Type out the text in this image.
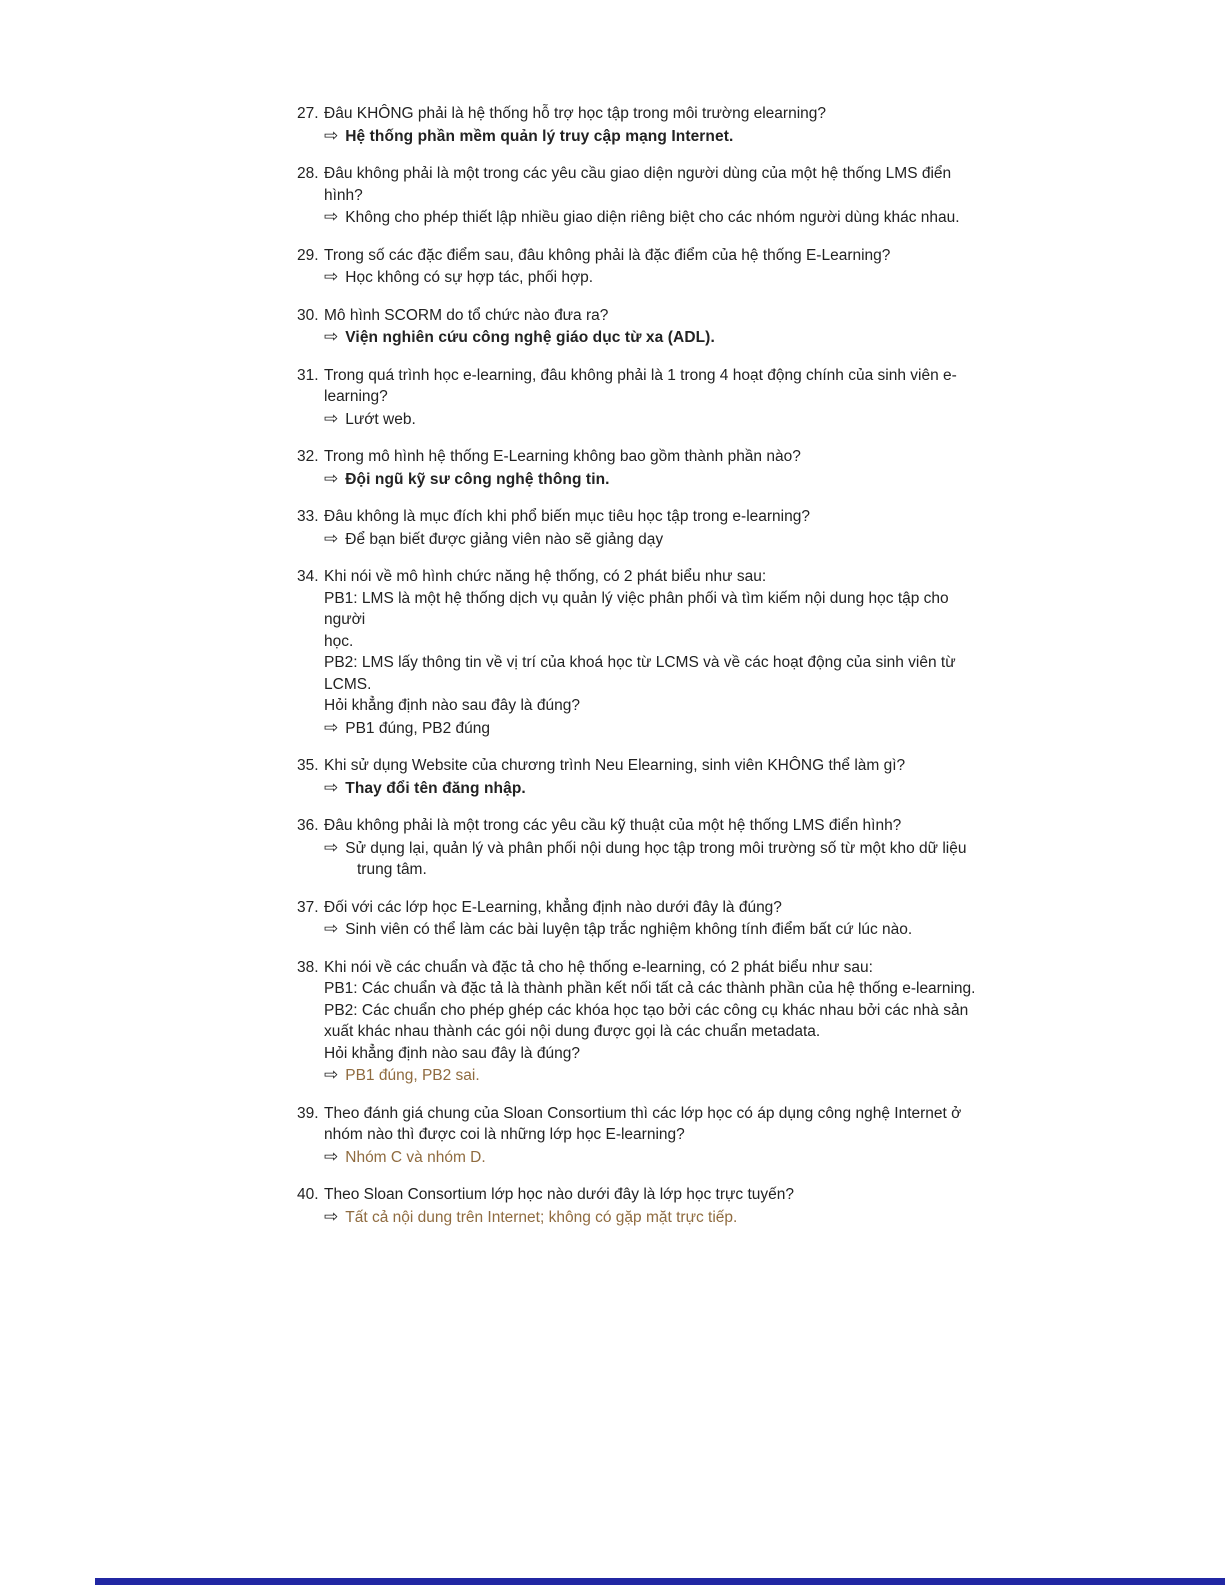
27. Đâu KHÔNG phải là hệ thống hỗ trợ học tập trong môi trường elearning?
⇨ Hệ thống phần mềm quản lý truy cập mạng Internet.
28. Đâu không phải là một trong các yêu cầu giao diện người dùng của một hệ thống LMS điển hình?
⇨ Không cho phép thiết lập nhiều giao diện riêng biệt cho các nhóm người dùng khác nhau.
29. Trong số các đặc điểm sau, đâu không phải là đặc điểm của hệ thống E-Learning?
⇨ Học không có sự hợp tác, phối hợp.
30. Mô hình SCORM do tổ chức nào đưa ra?
⇨ Viện nghiên cứu công nghệ giáo dục từ xa (ADL).
31. Trong quá trình học e-learning, đâu không phải là 1 trong 4 hoạt động chính của sinh viên e-
learning?
⇨ Lướt web.
32. Trong mô hình hệ thống E-Learning không bao gồm thành phần nào?
⇨ Đội ngũ kỹ sư công nghệ thông tin.
33. Đâu không là mục đích khi phổ biến mục tiêu học tập trong e-learning?
⇨ Để bạn biết được giảng viên nào sẽ giảng dạy
34. Khi nói về mô hình chức năng hệ thống, có 2 phát biểu như sau:
PB1: LMS là một hệ thống dịch vụ quản lý việc phân phối và tìm kiếm nội dung học tập cho người
học.
PB2: LMS lấy thông tin về vị trí của khoá học từ LCMS và về các hoạt động của sinh viên từ
LCMS.
Hỏi khẳng định nào sau đây là đúng?
⇨ PB1 đúng, PB2 đúng
35. Khi sử dụng Website của chương trình Neu Elearning, sinh viên KHÔNG thể làm gì?
⇨ Thay đổi tên đăng nhập.
36. Đâu không phải là một trong các yêu cầu kỹ thuật của một hệ thống LMS điển hình?
⇨ Sử dụng lại, quản lý và phân phối nội dung học tập trong môi trường số từ một kho dữ liệu
trung tâm.
37. Đối với các lớp học E-Learning, khẳng định nào dưới đây là đúng?
⇨ Sinh viên có thể làm các bài luyện tập trắc nghiệm không tính điểm bất cứ lúc nào.
38. Khi nói về các chuẩn và đặc tả cho hệ thống e-learning, có 2 phát biểu như sau:
PB1: Các chuẩn và đặc tả là thành phần kết nối tất cả các thành phần của hệ thống e-learning.
PB2: Các chuẩn cho phép ghép các khóa học tạo bởi các công cụ khác nhau bởi các nhà sản
xuất khác nhau thành các gói nội dung được gọi là các chuẩn metadata.
Hỏi khẳng định nào sau đây là đúng?
⇨ PB1 đúng, PB2 sai.
39. Theo đánh giá chung của Sloan Consortium thì các lớp học có áp dụng công nghệ Internet ở
nhóm nào thì được coi là những lớp học E-learning?
⇨ Nhóm C và nhóm D.
40. Theo Sloan Consortium lớp học nào dưới đây là lớp học trực tuyến?
⇨ Tất cả nội dung trên Internet; không có gặp mặt trực tiếp.
